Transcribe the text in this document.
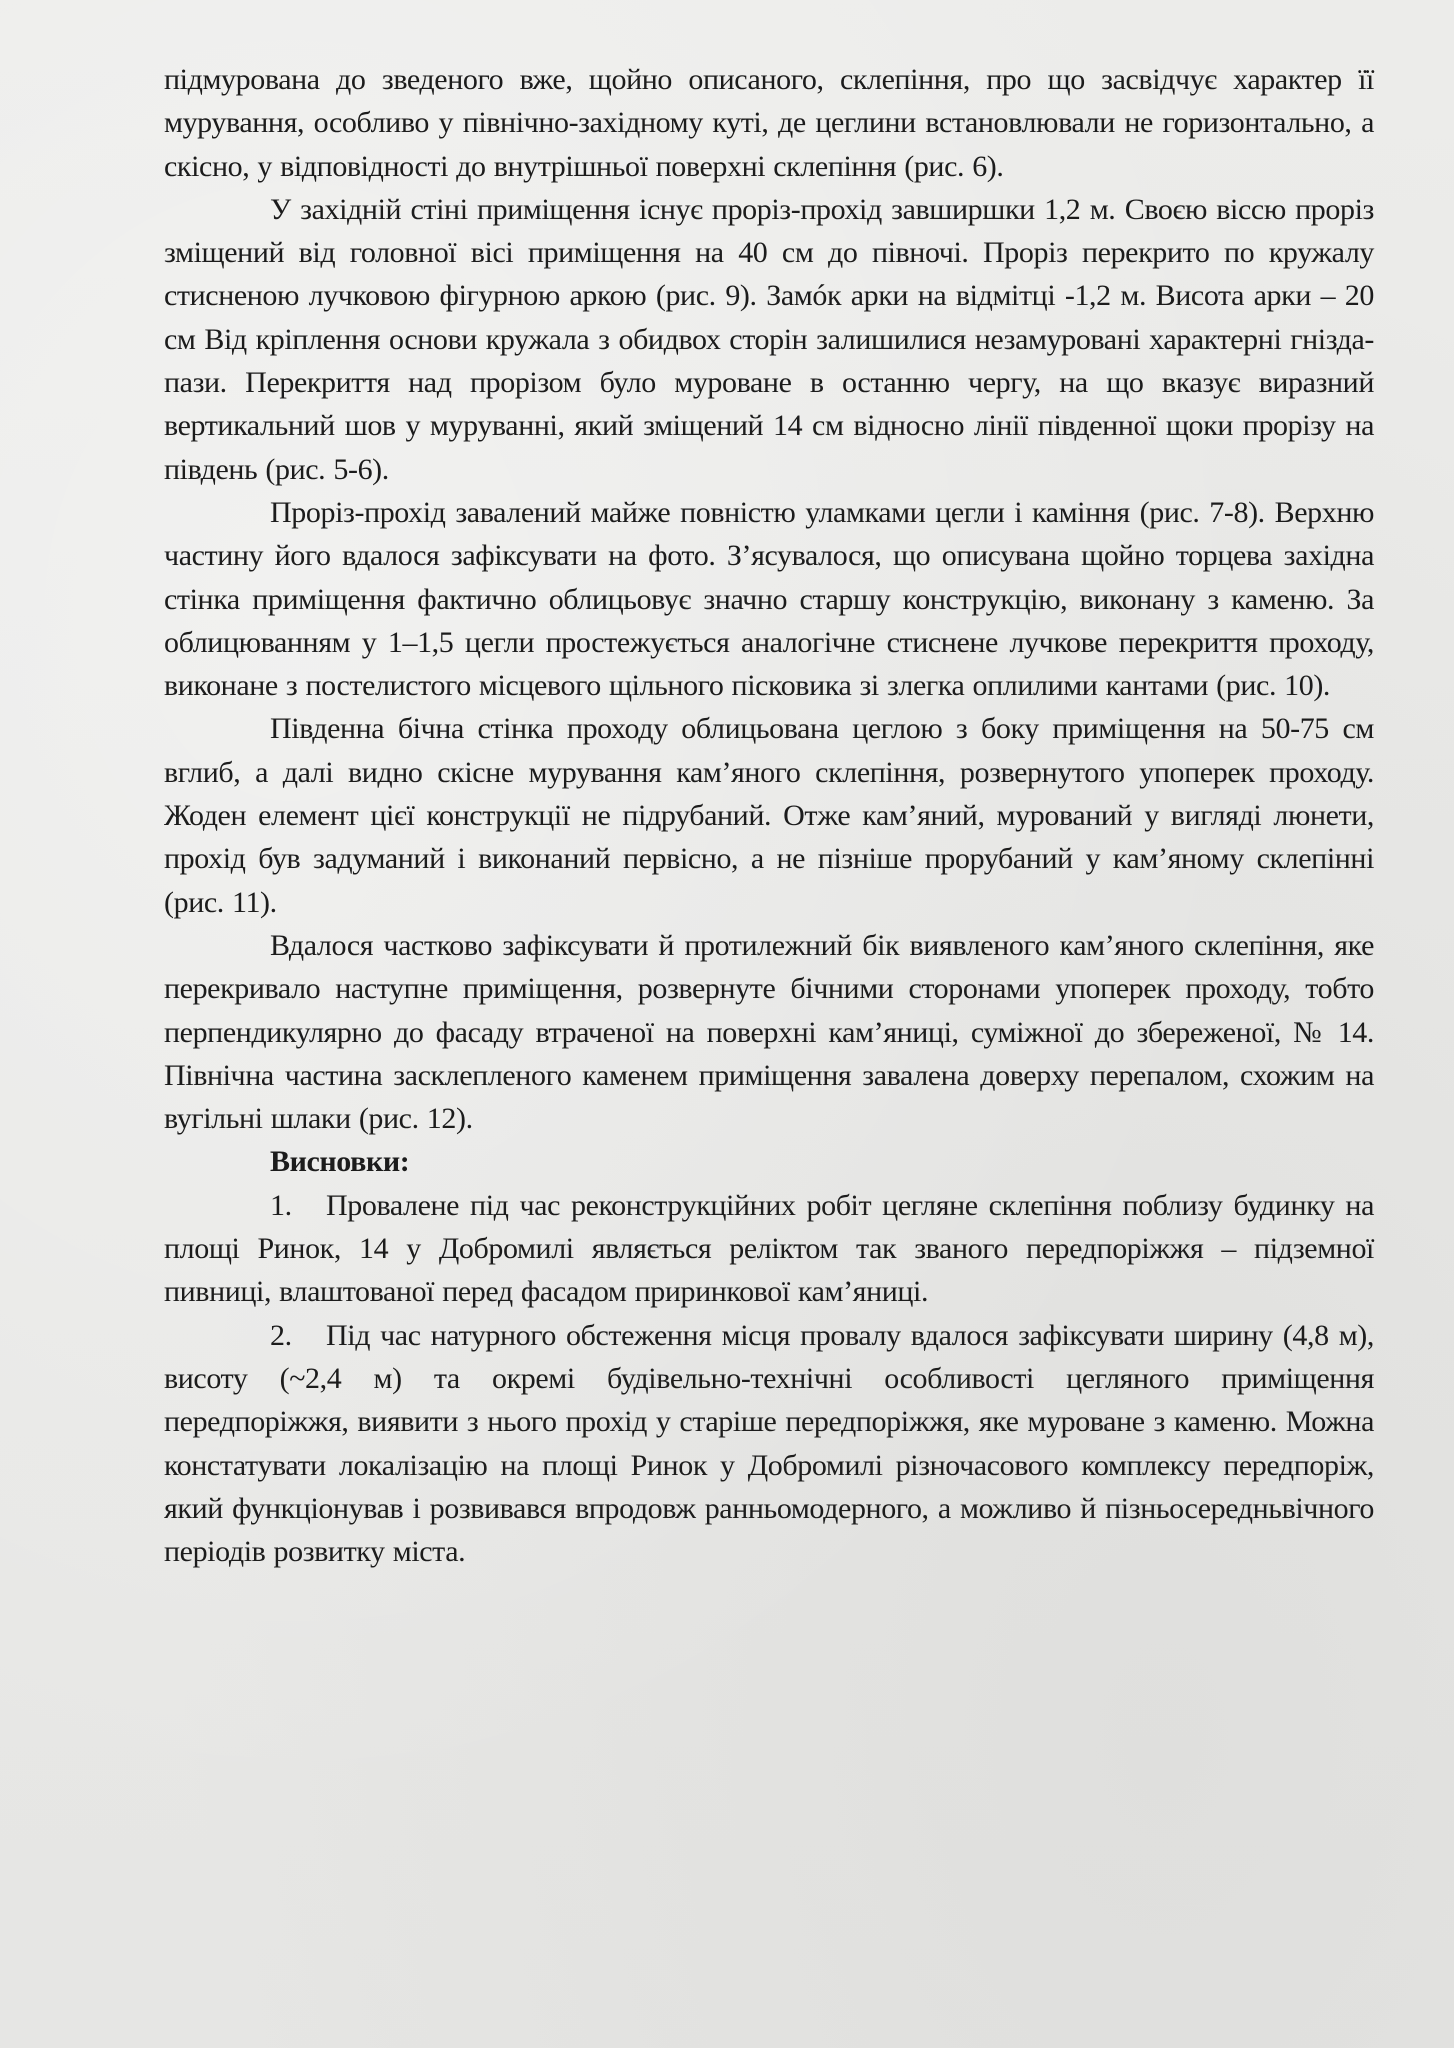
підмурована до зведеного вже, щойно описаного, склепіння, про що засвідчує характер її мурування, особливо у північно-західному куті, де цеглини встановлювали не горизонтально, а скісно, у відповідності до внутрішньої поверхні склепіння (рис. 6).

У західній стіні приміщення існує проріз-прохід завширшки 1,2 м. Своєю віссю проріз зміщений від головної вісі приміщення на 40 см до півночі. Проріз перекрито по кружалу стисненою лучковою фігурною аркою (рис. 9). Замóк арки на відмітці -1,2 м. Висота арки – 20 см Від кріплення основи кружала з обидвох сторін залишилися незамуровані характерні гнізда-пази. Перекриття над прорізом було муроване в останню чергу, на що вказує виразний вертикальний шов у муруванні, який зміщений 14 см відносно лінії південної щоки прорізу на південь (рис. 5-6).

Проріз-прохід завалений майже повністю уламками цегли і каміння (рис. 7-8). Верхню частину його вдалося зафіксувати на фото. З’ясувалося, що описувана щойно торцева західна стінка приміщення фактично облицьовує значно старшу конструкцію, виконану з каменю. За облицюванням у 1–1,5 цегли простежується аналогічне стиснене лучкове перекриття проходу, виконане з постелистого місцевого щільного пісковика зі злегка оплилими кантами (рис. 10).

Південна бічна стінка проходу облицьована цеглою з боку приміщення на 50-75 см вглиб, а далі видно скісне мурування кам’яного склепіння, розвернутого упоперек проходу. Жоден елемент цієї конструкції не підрубаний. Отже кам’яний, мурований у вигляді люнети, прохід був задуманий і виконаний первісно, а не пізніше прорубаний у кам’яному склепінні (рис. 11).

Вдалося частково зафіксувати й протилежний бік виявленого кам’яного склепіння, яке перекривало наступне приміщення, розвернуте бічними сторонами упоперек проходу, тобто перпендикулярно до фасаду втраченої на поверхні кам’яниці, суміжної до збереженої, № 14. Північна частина засклепленого каменем приміщення завалена доверху перепалом, схожим на вугільні шлаки (рис. 12).

Висновки:

1. Провалене під час реконструкційних робіт цегляне склепіння поблизу будинку на площі Ринок, 14 у Добромилі являється реліктом так званого передпоріжжя – підземної пивниці, влаштованої перед фасадом приринкової кам’яниці.

2. Під час натурного обстеження місця провалу вдалося зафіксувати ширину (4,8 м), висоту (~2,4 м) та окремі будівельно-технічні особливості цегляного приміщення передпоріжжя, виявити з нього прохід у старіше передпоріжжя, яке муроване з каменю. Можна констатувати локалізацію на площі Ринок у Добромилі різночасового комплексу передпоріж, який функціонував і розвивався впродовж ранньомодерного, а можливо й пізньосередньвічного періодів розвитку міста.
